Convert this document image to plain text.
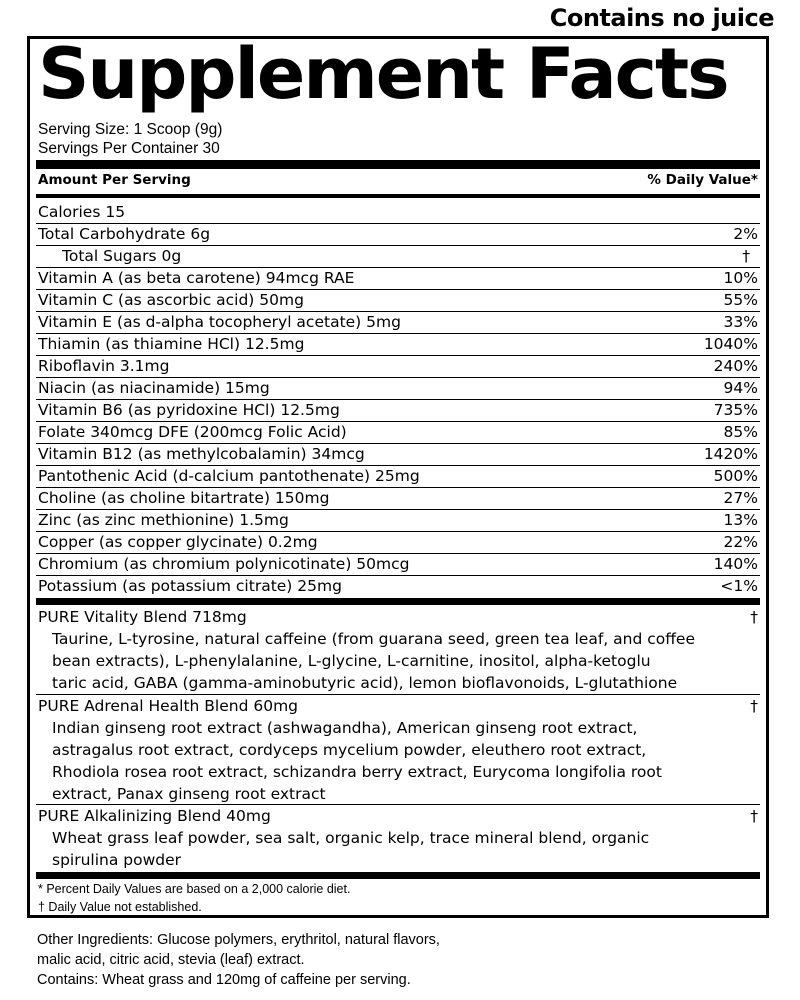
Contains no juice
Supplement Facts
Serving Size: 1 Scoop (9g)
Servings Per Container 30
Amount Per Serving	% Daily Value*
Calories 15
Total Carbohydrate 6g	2%
Total Sugars 0g	†
Vitamin A (as beta carotene) 94mcg RAE	10%
Vitamin C (as ascorbic acid) 50mg	55%
Vitamin E (as d-alpha tocopheryl acetate) 5mg	33%
Thiamin (as thiamine HCl) 12.5mg	1040%
Riboflavin 3.1mg	240%
Niacin (as niacinamide) 15mg	94%
Vitamin B6 (as pyridoxine HCl) 12.5mg	735%
Folate 340mcg DFE (200mcg Folic Acid)	85%
Vitamin B12 (as methylcobalamin) 34mcg	1420%
Pantothenic Acid (d-calcium pantothenate) 25mg	500%
Choline (as choline bitartrate) 150mg	27%
Zinc (as zinc methionine) 1.5mg	13%
Copper (as copper glycinate) 0.2mg	22%
Chromium (as chromium polynicotinate) 50mcg	140%
Potassium (as potassium citrate) 25mg	<1%
PURE Vitality Blend 718mg	†
Taurine, L-tyrosine, natural caffeine (from guarana seed, green tea leaf, and coffee
bean extracts), L-phenylalanine, L-glycine, L-carnitine, inositol, alpha-ketoglu
taric acid, GABA (gamma-aminobutyric acid), lemon bioflavonoids, L-glutathione
PURE Adrenal Health Blend 60mg	†
Indian ginseng root extract (ashwagandha), American ginseng root extract,
astragalus root extract, cordyceps mycelium powder, eleuthero root extract,
Rhodiola rosea root extract, schizandra berry extract, Eurycoma longifolia root
extract, Panax ginseng root extract
PURE Alkalinizing Blend 40mg	†
Wheat grass leaf powder, sea salt, organic kelp, trace mineral blend, organic
spirulina powder
* Percent Daily Values are based on a 2,000 calorie diet.
† Daily Value not established.
Other Ingredients: Glucose polymers, erythritol, natural flavors,
malic acid, citric acid, stevia (leaf) extract.
Contains: Wheat grass and 120mg of caffeine per serving.
